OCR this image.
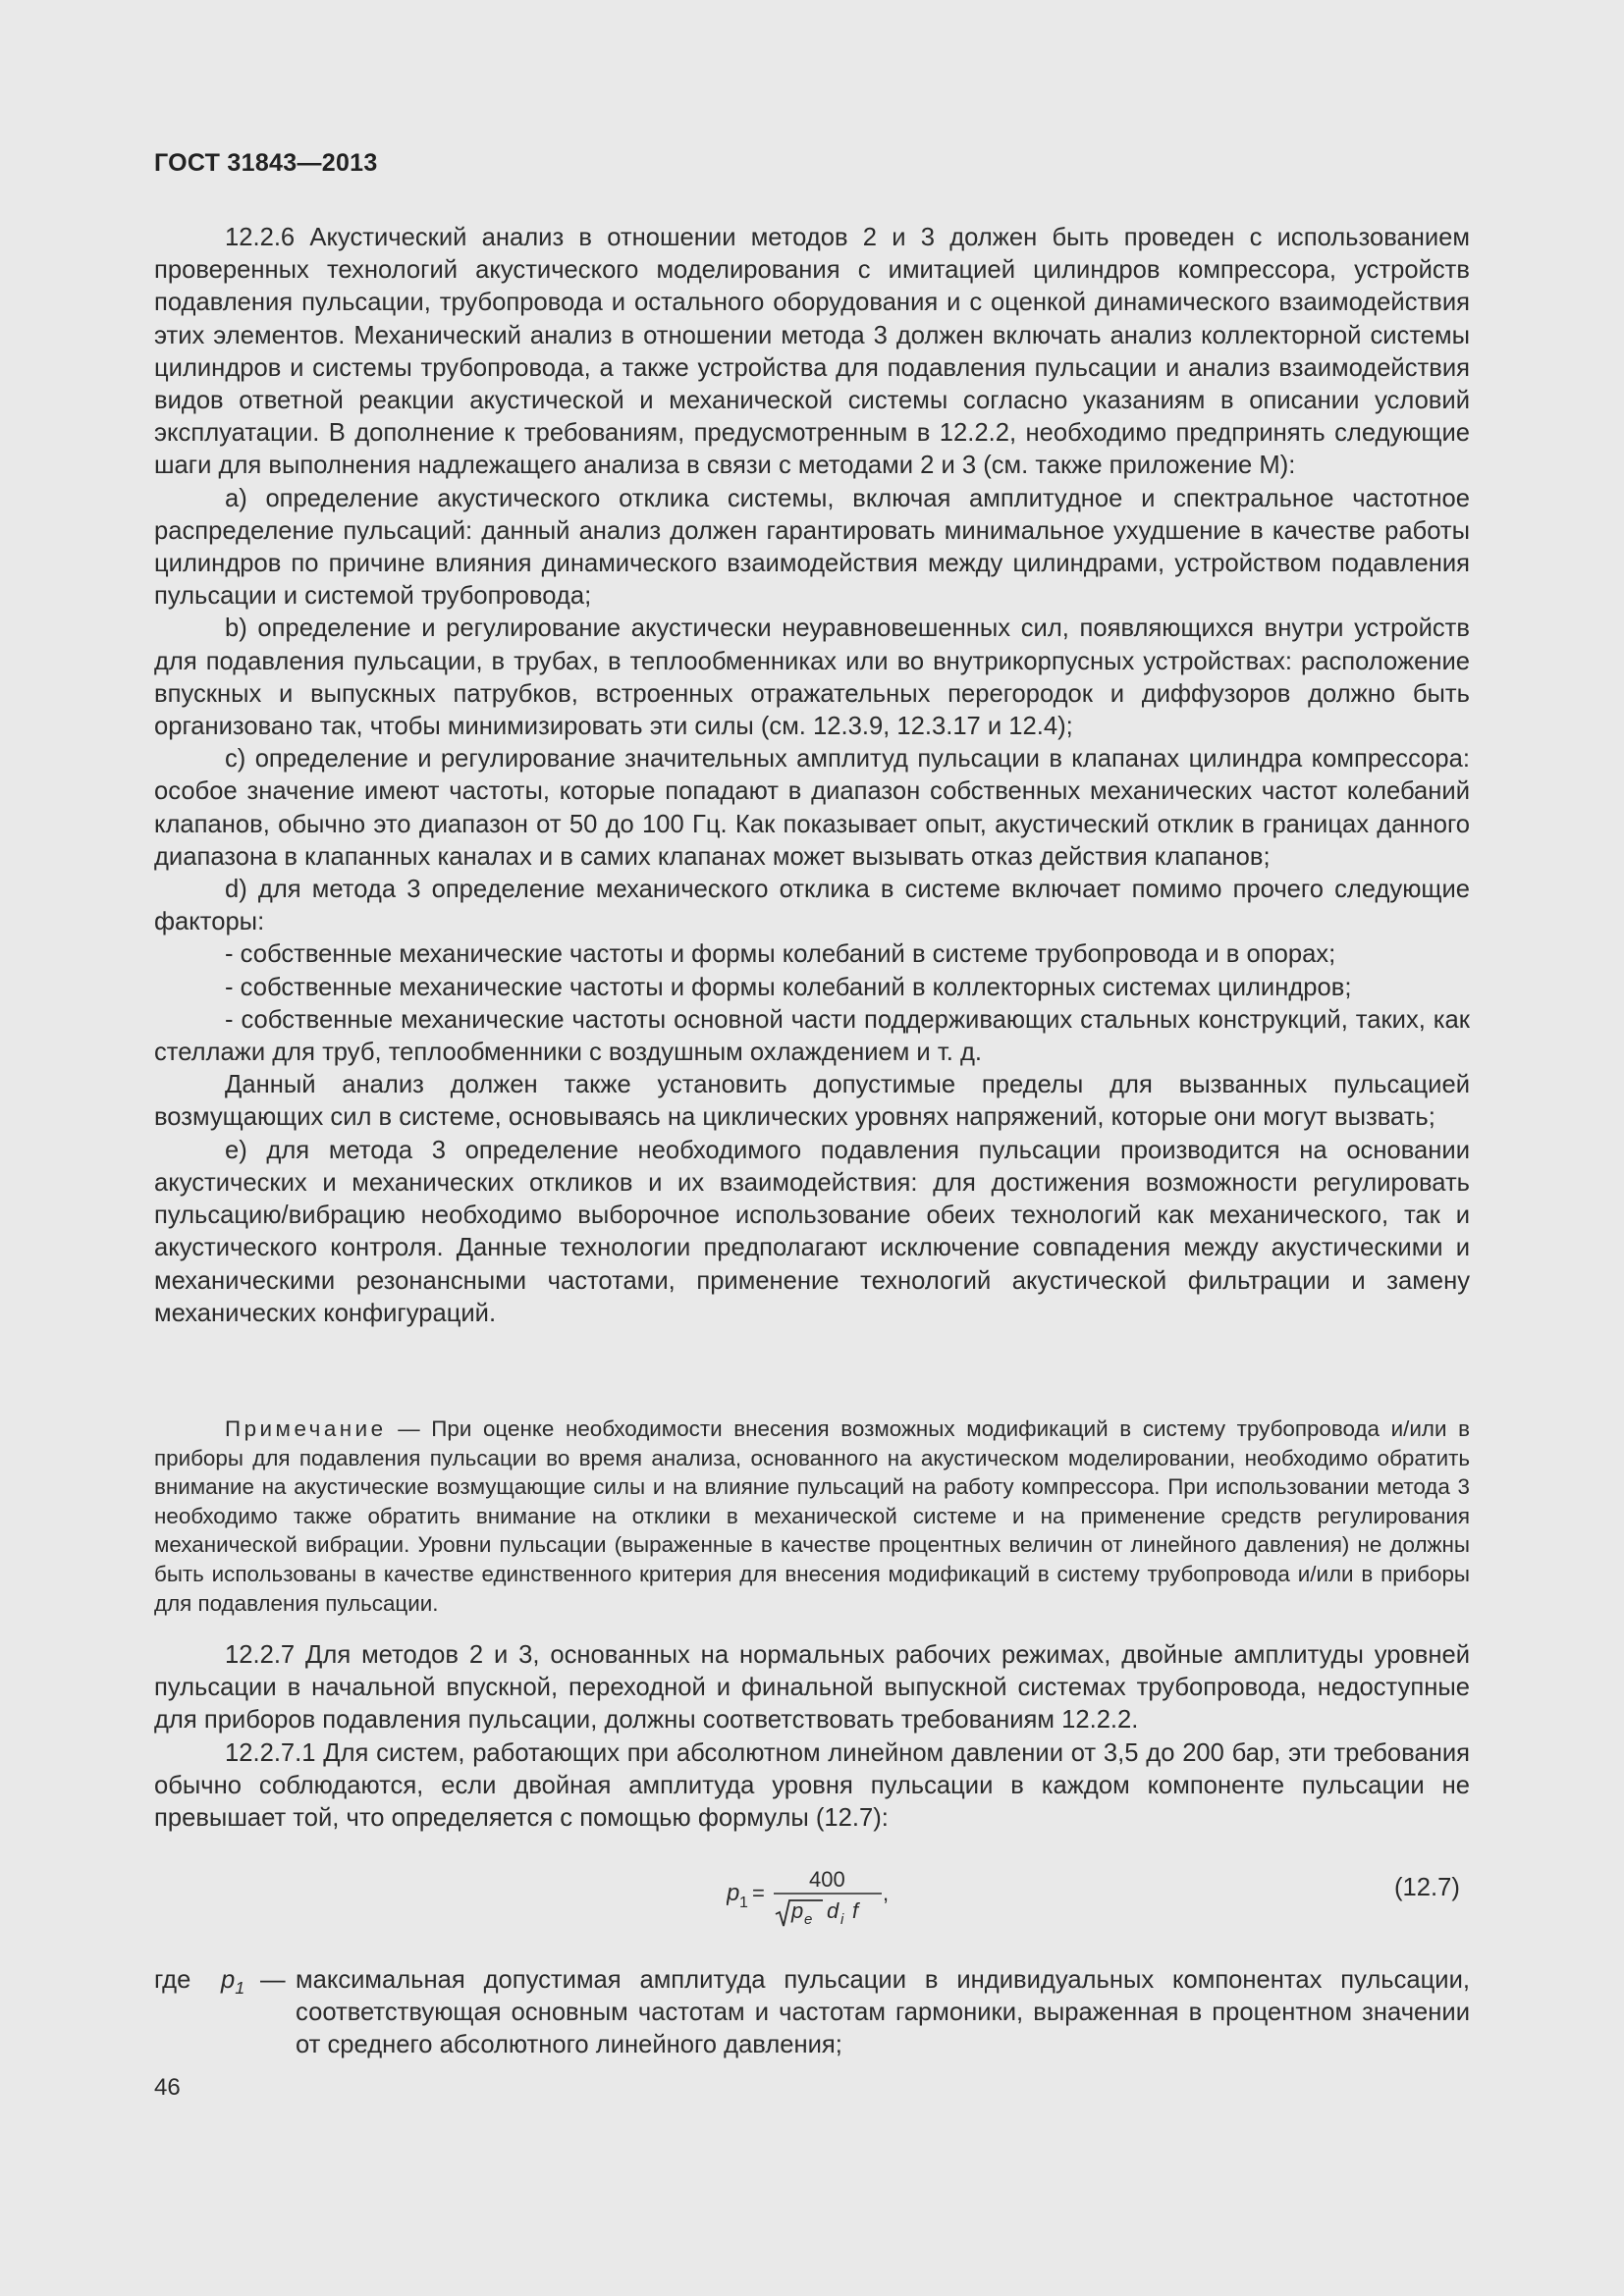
ГОСТ 31843—2013

12.2.6 Акустический анализ в отношении методов 2 и 3 должен быть проведен с использованием проверенных технологий акустического моделирования с имитацией цилиндров компрессора, устройств подавления пульсации, трубопровода и остального оборудования и с оценкой динамического взаимодействия этих элементов. Механический анализ в отношении метода 3 должен включать анализ коллекторной системы цилиндров и системы трубопровода, а также устройства для подавления пульсации и анализ взаимодействия видов ответной реакции акустической и механической системы согласно указаниям в описании условий эксплуатации. В дополнение к требованиям, предусмотренным в 12.2.2, необходимо предпринять следующие шаги для выполнения надлежащего анализа в связи с методами 2 и 3 (см. также приложение М):

a) определение акустического отклика системы, включая амплитудное и спектральное частотное распределение пульсаций: данный анализ должен гарантировать минимальное ухудшение в качестве работы цилиндров по причине влияния динамического взаимодействия между цилиндрами, устройством подавления пульсации и системой трубопровода;

b) определение и регулирование акустически неуравновешенных сил, появляющихся внутри устройств для подавления пульсации, в трубах, в теплообменниках или во внутрикорпусных устройствах: расположение впускных и выпускных патрубков, встроенных отражательных перегородок и диффузоров должно быть организовано так, чтобы минимизировать эти силы (см. 12.3.9, 12.3.17 и 12.4);

c) определение и регулирование значительных амплитуд пульсации в клапанах цилиндра компрессора: особое значение имеют частоты, которые попадают в диапазон собственных механических частот колебаний клапанов, обычно это диапазон от 50 до 100 Гц. Как показывает опыт, акустический отклик в границах данного диапазона в клапанных каналах и в самих клапанах может вызывать отказ действия клапанов;

d) для метода 3 определение механического отклика в системе включает помимо прочего следующие факторы:

- собственные механические частоты и формы колебаний в системе трубопровода и в опорах;

- собственные механические частоты и формы колебаний в коллекторных системах цилиндров;

- собственные механические частоты основной части поддерживающих стальных конструкций, таких, как стеллажи для труб, теплообменники с воздушным охлаждением и т. д.

Данный анализ должен также установить допустимые пределы для вызванных пульсацией возмущающих сил в системе, основываясь на циклических уровнях напряжений, которые они могут вызвать;

e) для метода 3 определение необходимого подавления пульсации производится на основании акустических и механических откликов и их взаимодействия: для достижения возможности регулировать пульсацию/вибрацию необходимо выборочное использование обеих технологий как механического, так и акустического контроля. Данные технологии предполагают исключение совпадения между акустическими и механическими резонансными частотами, применение технологий акустической фильтрации и замену механических конфигураций.

Примечание — При оценке необходимости внесения возможных модификаций в систему трубопровода и/или в приборы для подавления пульсации во время анализа, основанного на акустическом моделировании, необходимо обратить внимание на акустические возмущающие силы и на влияние пульсаций на работу компрессора. При использовании метода 3 необходимо также обратить внимание на отклики в механической системе и на применение средств регулирования механической вибрации. Уровни пульсации (выраженные в качестве процентных величин от линейного давления) не должны быть использованы в качестве единственного критерия для внесения модификаций в систему трубопровода и/или в приборы для подавления пульсации.

12.2.7 Для методов 2 и 3, основанных на нормальных рабочих режимах, двойные амплитуды уровней пульсации в начальной впускной, переходной и финальной выпускной системах трубопровода, недоступные для приборов подавления пульсации, должны соответствовать требованиям 12.2.2.

12.2.7.1 Для систем, работающих при абсолютном линейном давлении от 3,5 до 200 бар, эти требования обычно соблюдаются, если двойная амплитуда уровня пульсации в каждом компоненте пульсации не превышает той, что определяется с помощью формулы (12.7):

p 1 =
400
p e d i f
,	(12.7)
где $p_1$ — максимальная допустимая амплитуда пульсации в индивидуальных компонентах пульсации, соответствующая основным частотам и частотам гармоники, выраженная в процентном значении от среднего абсолютного линейного давления;
46
